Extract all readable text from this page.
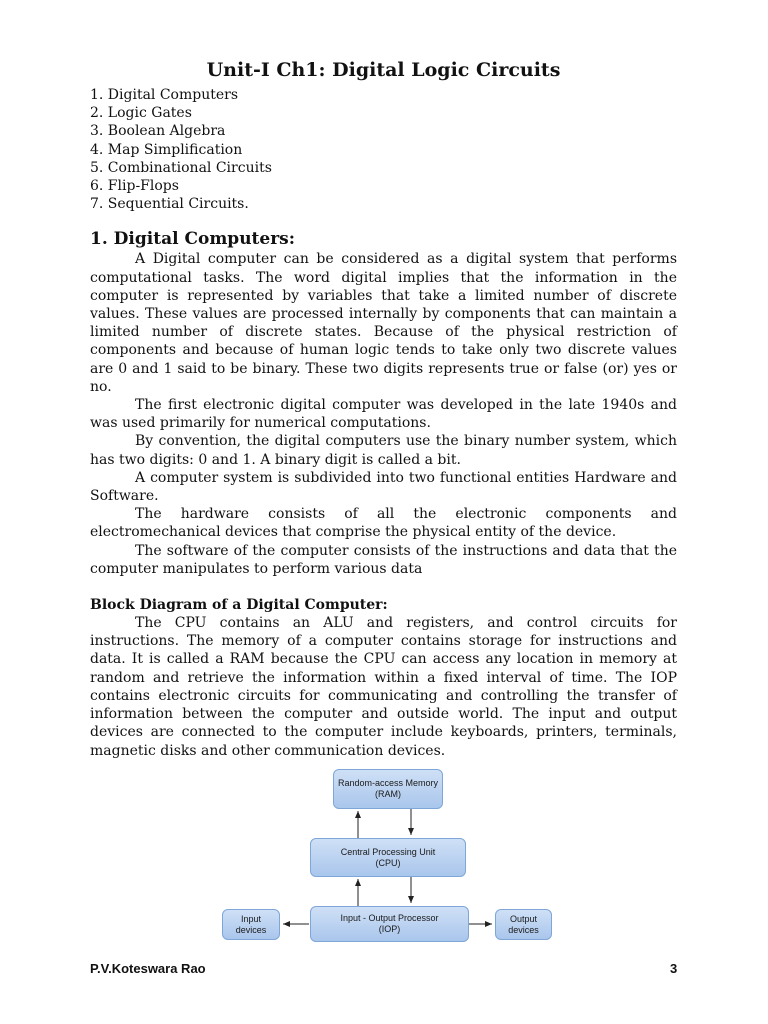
Unit-I Ch1: Digital Logic Circuits
1. Digital Computers
2. Logic Gates
3. Boolean Algebra
4. Map Simplification
5. Combinational Circuits
6. Flip-Flops
7. Sequential Circuits.
1. Digital Computers:

A Digital computer can be considered as a digital system that performs computational tasks. The word digital implies that the information in the computer is represented by variables that take a limited number of discrete values. These values are processed internally by components that can maintain a limited number of discrete states. Because of the physical restriction of components and because of human logic tends to take only two discrete values are 0 and 1 said to be binary. These two digits represents true or false (or) yes or no.

The first electronic digital computer was developed in the late 1940s and was used primarily for numerical computations.

By convention, the digital computers use the binary number system, which has two digits: 0 and 1. A binary digit is called a bit.

A computer system is subdivided into two functional entities Hardware and Software.

The hardware consists of all the electronic components and electromechanical devices that comprise the physical entity of the device.

The software of the computer consists of the instructions and data that the computer manipulates to perform various data

Block Diagram of a Digital Computer:

The CPU contains an ALU and registers, and control circuits for instructions. The memory of a computer contains storage for instructions and data. It is called a RAM because the CPU can access any location in memory at random and retrieve the information within a fixed interval of time. The IOP contains electronic circuits for communicating and controlling the transfer of information between the computer and outside world. The input and output devices are connected to the computer include keyboards, printers, terminals, magnetic disks and other communication devices.

Random-access Memory
(RAM)
Central Processing Unit
(CPU)
Input - Output Processor
(IOP)
Input
devices
Output
devices
P.V.Koteswara Rao	3
